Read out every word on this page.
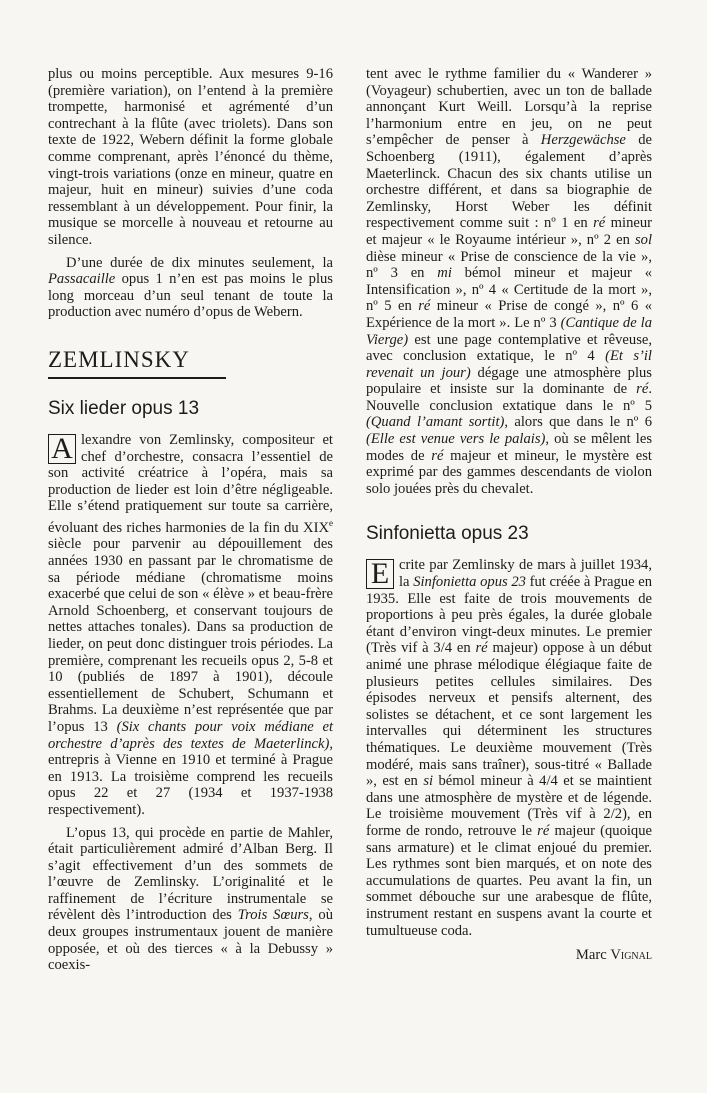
plus ou moins perceptible. Aux mesures 9-16 (première variation), on l’entend à la première trompette, harmonisé et agrémenté d’un contrechant à la flûte (avec triolets). Dans son texte de 1922, Webern définit la forme globale comme comprenant, après l’énoncé du thème, vingt-trois variations (onze en mineur, quatre en majeur, huit en mineur) suivies d’une coda ressemblant à un développement. Pour finir, la musique se morcelle à nouveau et retourne au silence.

D’une durée de dix minutes seulement, la Passacaille opus 1 n’en est pas moins le plus long morceau d’un seul tenant de toute la production avec numéro d’opus de Webern.

ZEMLINSKY
Six lieder opus 13

A lexandre von Zemlinsky, compositeur et chef d’orchestre, consacra l’essentiel de son activité créatrice à l’opéra, mais sa production de lieder est loin d’être négligeable. Elle s’étend pratiquement sur toute sa carrière, évoluant des riches harmonies de la fin du XIXe siècle pour parvenir au dépouillement des années 1930 en passant par le chromatisme de sa période médiane (chromatisme moins exacerbé que celui de son « élève » et beau-frère Arnold Schoenberg, et conservant toujours de nettes attaches tonales). Dans sa production de lieder, on peut donc distinguer trois périodes. La première, comprenant les recueils opus 2, 5-8 et 10 (publiés de 1897 à 1901), découle essentiellement de Schubert, Schumann et Brahms. La deuxième n’est représentée que par l’opus 13 (Six chants pour voix médiane et orchestre d’après des textes de Maeterlinck), entrepris à Vienne en 1910 et terminé à Prague en 1913. La troisième comprend les recueils opus 22 et 27 (1934 et 1937-1938 respectivement).

L’opus 13, qui procède en partie de Mahler, était particulièrement admiré d’Alban Berg. Il s’agit effectivement d’un des sommets de l’œuvre de Zemlinsky. L’originalité et le raffinement de l’écriture instrumentale se révèlent dès l’introduction des Trois Sœurs, où deux groupes instrumentaux jouent de manière opposée, et où des tierces « à la Debussy » coexis-

tent avec le rythme familier du « Wanderer » (Voyageur) schubertien, avec un ton de ballade annonçant Kurt Weill. Lorsqu’à la reprise l’harmonium entre en jeu, on ne peut s’empêcher de penser à Herzgewächse de Schoenberg (1911), également d’après Maeterlinck. Chacun des six chants utilise un orchestre différent, et dans sa biographie de Zemlinsky, Horst Weber les définit respectivement comme suit : nº 1 en ré mineur et majeur « le Royaume intérieur », nº 2 en sol dièse mineur « Prise de conscience de la vie », nº 3 en mi bémol mineur et majeur « Intensification », nº 4 « Certitude de la mort », nº 5 en ré mineur « Prise de congé », nº 6 « Expérience de la mort ». Le nº 3 (Cantique de la Vierge) est une page contemplative et rêveuse, avec conclusion extatique, le nº 4 (Et s’il revenait un jour) dégage une atmosphère plus populaire et insiste sur la dominante de ré. Nouvelle conclusion extatique dans le nº 5 (Quand l’amant sortit), alors que dans le nº 6 (Elle est venue vers le palais), où se mêlent les modes de ré majeur et mineur, le mystère est exprimé par des gammes descendants de violon solo jouées près du chevalet.

Sinfonietta opus 23

E crite par Zemlinsky de mars à juillet 1934, la Sinfonietta opus 23 fut créée à Prague en 1935. Elle est faite de trois mouvements de proportions à peu près égales, la durée globale étant d’environ vingt-deux minutes. Le premier (Très vif à 3/4 en ré majeur) oppose à un début animé une phrase mélodique élégiaque faite de plusieurs petites cellules similaires. Des épisodes nerveux et pensifs alternent, des solistes se détachent, et ce sont largement les intervalles qui déterminent les structures thématiques. Le deuxième mouvement (Très modéré, mais sans traîner), sous-titré « Ballade », est en si bémol mineur à 4/4 et se maintient dans une atmosphère de mystère et de légende. Le troisième mouvement (Très vif à 2/2), en forme de rondo, retrouve le ré majeur (quoique sans armature) et le climat enjoué du premier. Les rythmes sont bien marqués, et on note des accumulations de quartes. Peu avant la fin, un sommet débouche sur une arabesque de flûte, instrument restant en suspens avant la courte et tumultueuse coda.

Marc Vignal
